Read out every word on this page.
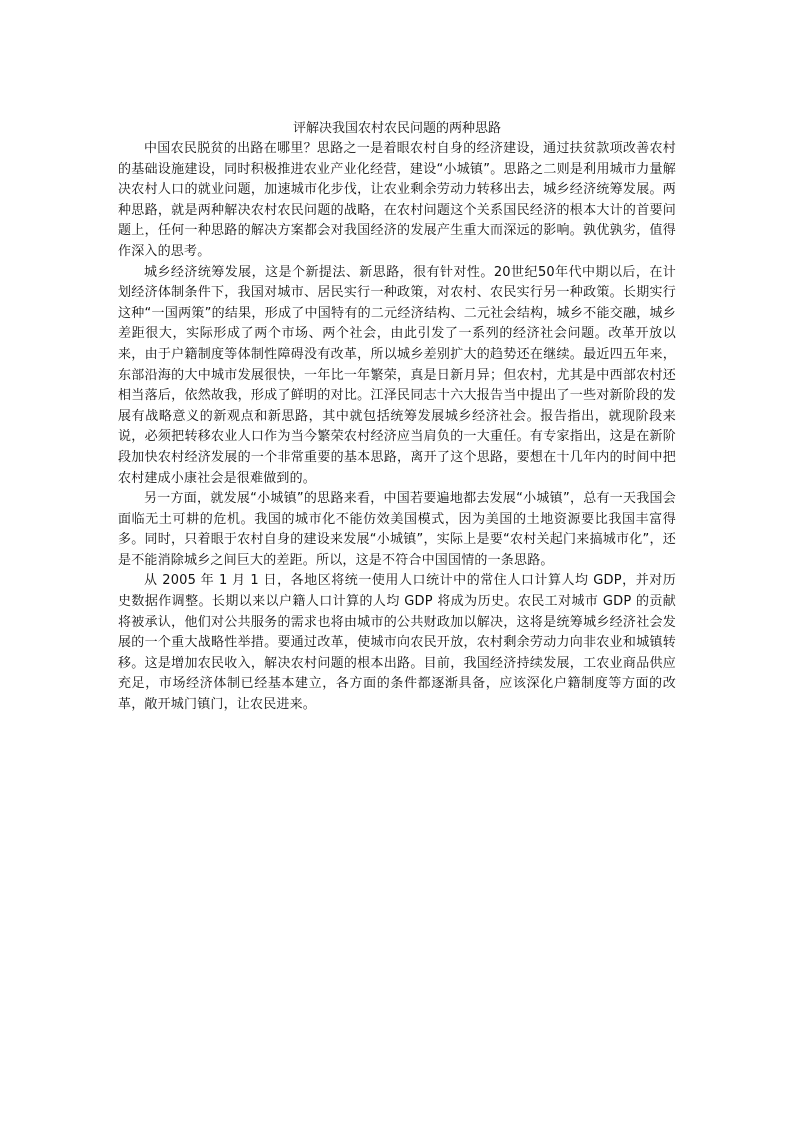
评解决我国农村农民问题的两种思路

中国农民脱贫的出路在哪里？思路之一是着眼农村自身的经济建设，通过扶贫款项改善农村的基础设施建设，同时积极推进农业产业化经营，建设“小城镇”。思路之二则是利用城市力量解决农村人口的就业问题，加速城市化步伐，让农业剩余劳动力转移出去，城乡经济统筹发展。两种思路，就是两种解决农村农民问题的战略，在农村问题这个关系国民经济的根本大计的首要问题上，任何一种思路的解决方案都会对我国经济的发展产生重大而深远的影响。孰优孰劣，值得作深入的思考。

城乡经济统筹发展，这是个新提法、新思路，很有针对性。20世纪50年代中期以后，在计划经济体制条件下，我国对城市、居民实行一种政策，对农村、农民实行另一种政策。长期实行这种“一国两策”的结果，形成了中国特有的二元经济结构、二元社会结构，城乡不能交融，城乡差距很大，实际形成了两个市场、两个社会，由此引发了一系列的经济社会问题。改革开放以来，由于户籍制度等体制性障碍没有改革，所以城乡差别扩大的趋势还在继续。最近四五年来，东部沿海的大中城市发展很快，一年比一年繁荣，真是日新月异；但农村，尤其是中西部农村还相当落后，依然故我，形成了鲜明的对比。江泽民同志十六大报告当中提出了一些对新阶段的发展有战略意义的新观点和新思路，其中就包括统筹发展城乡经济社会。报告指出，就现阶段来说，必须把转移农业人口作为当今繁荣农村经济应当肩负的一大重任。有专家指出，这是在新阶段加快农村经济发展的一个非常重要的基本思路，离开了这个思路，要想在十几年内的时间中把农村建成小康社会是很难做到的。

另一方面，就发展“小城镇”的思路来看，中国若要遍地都去发展“小城镇”，总有一天我国会面临无土可耕的危机。我国的城市化不能仿效美国模式，因为美国的土地资源要比我国丰富得多。同时，只着眼于农村自身的建设来发展“小城镇”，实际上是要“农村关起门来搞城市化”，还是不能消除城乡之间巨大的差距。所以，这是不符合中国国情的一条思路。

从 2005 年 1 月 1 日，各地区将统一使用人口统计中的常住人口计算人均 GDP，并对历史数据作调整。长期以来以户籍人口计算的人均 GDP 将成为历史。农民工对城市 GDP 的贡献将被承认，他们对公共服务的需求也将由城市的公共财政加以解决，这将是统筹城乡经济社会发展的一个重大战略性举措。要通过改革，使城市向农民开放，农村剩余劳动力向非农业和城镇转移。这是增加农民收入，解决农村问题的根本出路。目前，我国经济持续发展，工农业商品供应充足，市场经济体制已经基本建立，各方面的条件都逐渐具备，应该深化户籍制度等方面的改革，敞开城门镇门，让农民进来。
